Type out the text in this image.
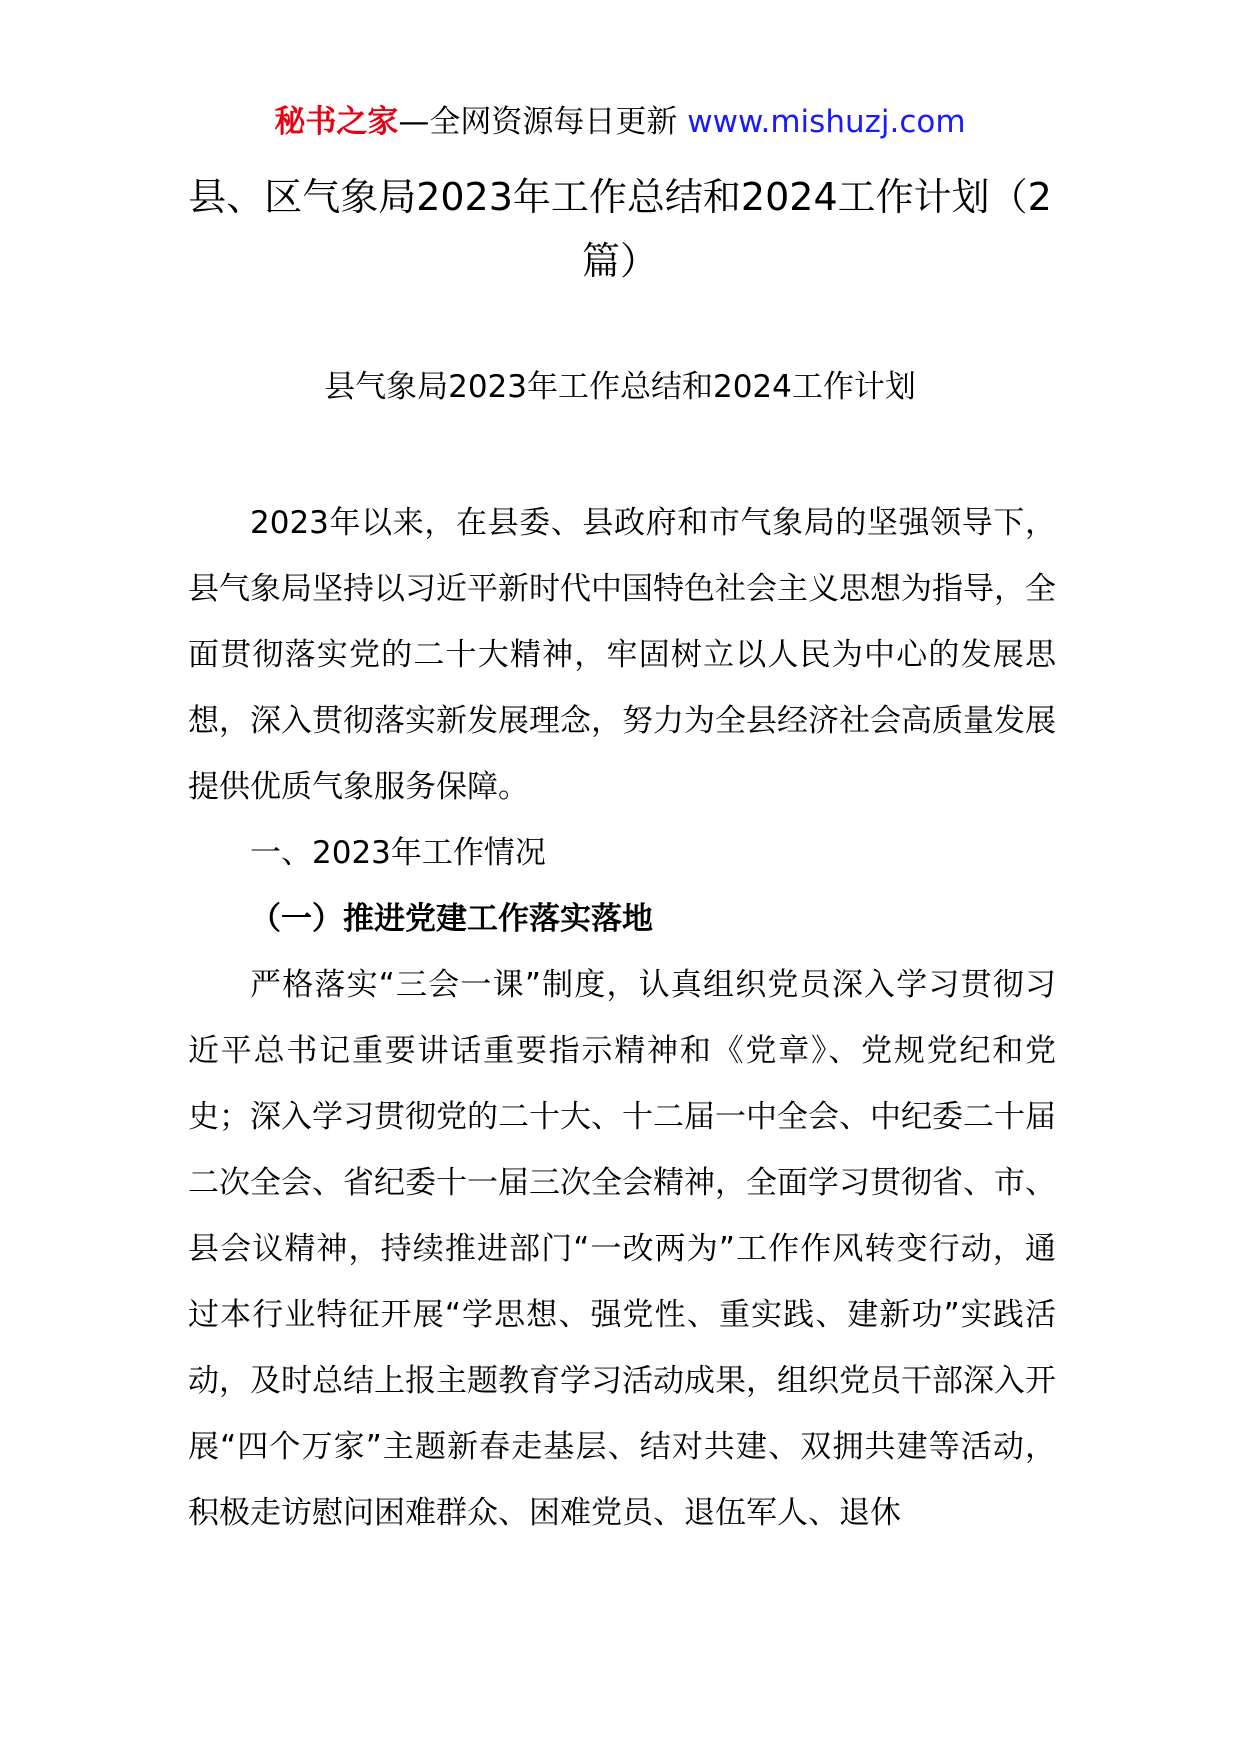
秘书之家—全网资源每日更新 www.mishuzj.com
县、区气象局2023年工作总结和2024工作计划（2篇）
县气象局2023年工作总结和2024工作计划

2023年以来，在县委、县政府和市气象局的坚强领导下，县气象局坚持以习近平新时代中国特色社会主义思想为指导，全面贯彻落实党的二十大精神，牢固树立以人民为中心的发展思想，深入贯彻落实新发展理念，努力为全县经济社会高质量发展提供优质气象服务保障。

一、2023年工作情况

（一）推进党建工作落实落地

严格落实“三会一课”制度，认真组织党员深入学习贯彻习近平总书记重要讲话重要指示精神和《党章》、党规党纪和党史；深入学习贯彻党的二十大、十二届一中全会、中纪委二十届二次全会、省纪委十一届三次全会精神，全面学习贯彻省、市、县会议精神，持续推进部门“一改两为”工作作风转变行动，通过本行业特征开展“学思想、强党性、重实践、建新功”实践活动，及时总结上报主题教育学习活动成果，组织党员干部深入开展“四个万家”主题新春走基层、结对共建、双拥共建等活动，积极走访慰问困难群众、困难党员、退伍军人、退休
